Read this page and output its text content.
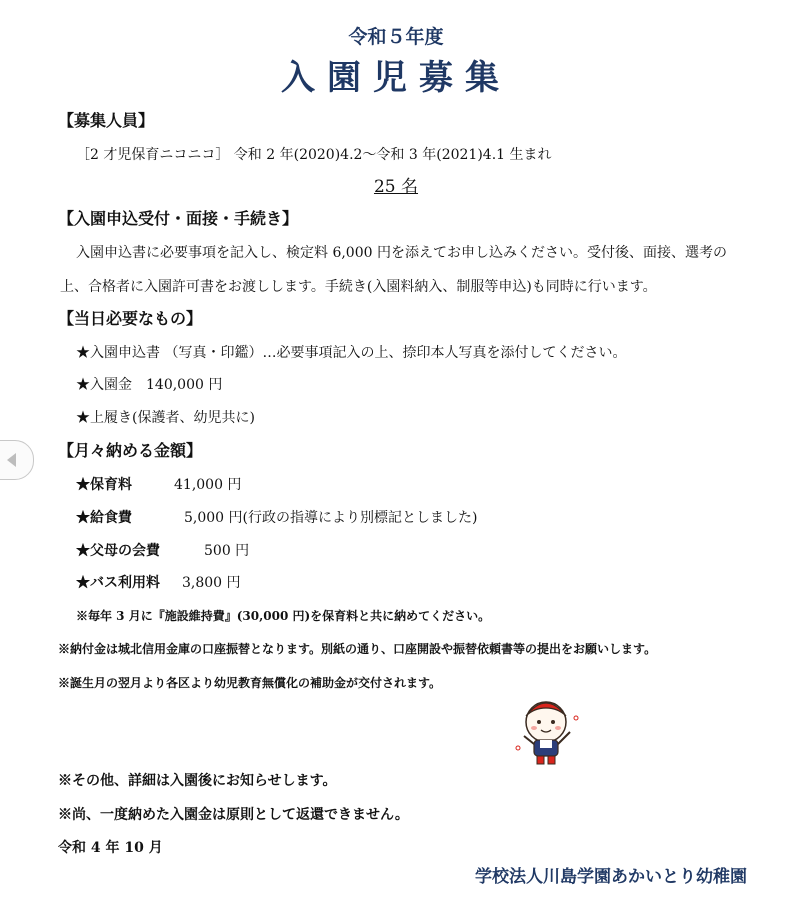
令和５年度
入園児募集
【募集人員】
［2 才児保育ニコニコ］ 令和 2 年(2020)4.2～令和 3 年(2021)4.1 生まれ
25 名
【入園申込受付・面接・手続き】
入園申込書に必要事項を記入し、検定料 6,000 円を添えてお申し込みください。受付後、面接、選考の
上、合格者に入園許可書をお渡しします。手続き(入園料納入、制服等申込)も同時に行います。
【当日必要なもの】
★入園申込書 （写真・印鑑）…必要事項記入の上、捺印本人写真を添付してください。
★入園金　140,000 円
★上履き(保護者、幼児共に)
【月々納める金額】
★保育料	41,000 円
★給食費	5,000 円(行政の指導により別標記としました)
★父母の会費	500 円
★バス利用料 3,800 円
※毎年 3 月に『施設維持費』(30,000 円)を保育料と共に納めてください。
※納付金は城北信用金庫の口座振替となります。別紙の通り、口座開設や振替依頼書等の提出をお願いします。
※誕生月の翌月より各区より幼児教育無償化の補助金が交付されます。
※その他、詳細は入園後にお知らせします。
※尚、一度納めた入園金は原則として返還できません。
令和 4 年 10 月
学校法人川島学園あかいとり幼稚園
